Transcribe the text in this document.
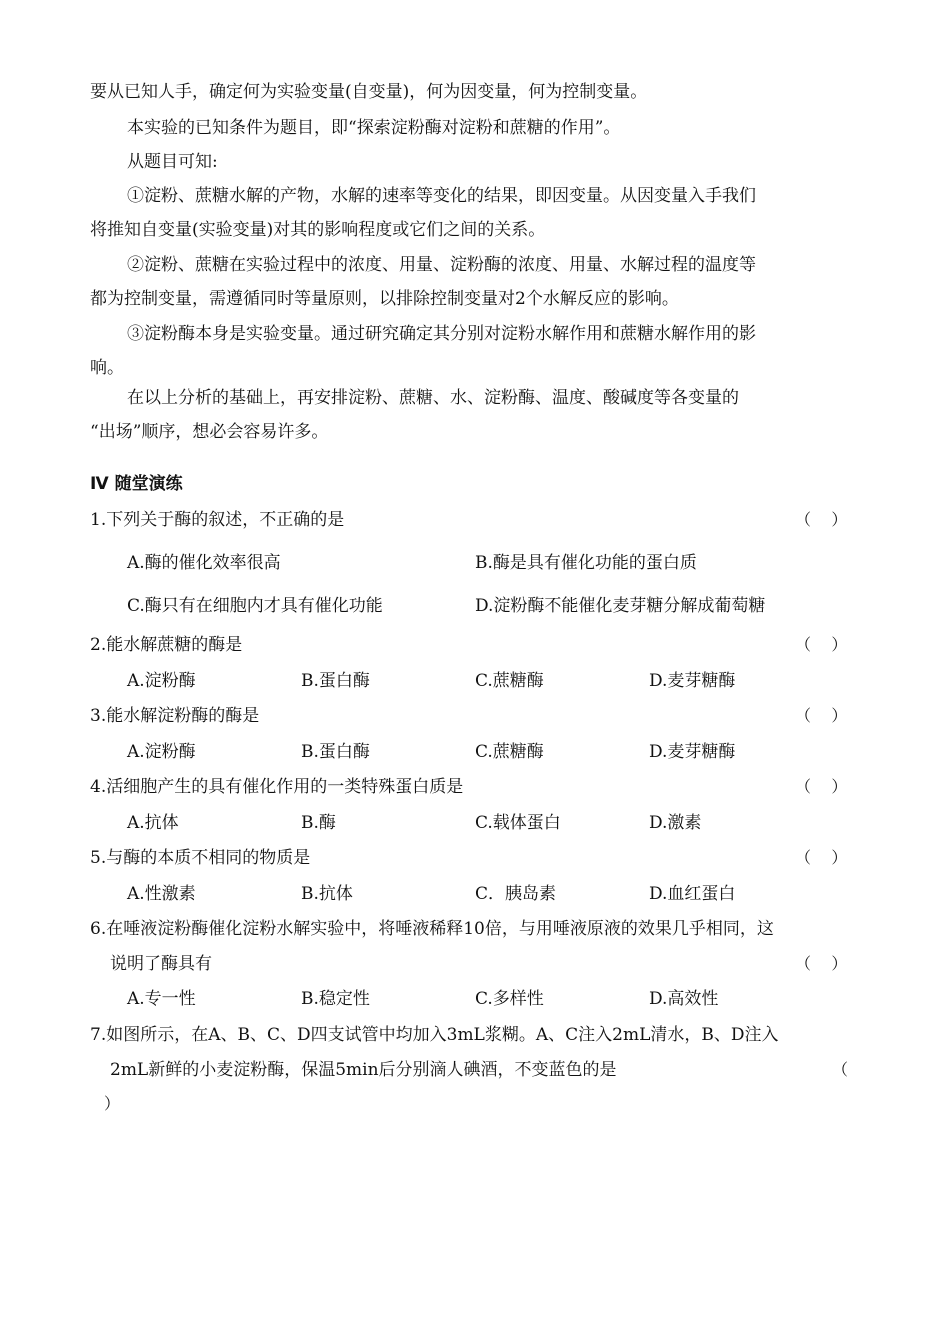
要从已知人手，确定何为实验变量(自变量)，何为因变量，何为控制变量。
本实验的已知条件为题目，即“探索淀粉酶对淀粉和蔗糖的作用”。
从题目可知:
①淀粉、蔗糖水解的产物，水解的速率等变化的结果，即因变量。从因变量入手我们
将推知自变量(实验变量)对其的影响程度或它们之间的关系。
②淀粉、蔗糖在实验过程中的浓度、用量、淀粉酶的浓度、用量、水解过程的温度等
都为控制变量，需遵循同时等量原则，以排除控制变量对2个水解反应的影响。
③淀粉酶本身是实验变量。通过研究确定其分别对淀粉水解作用和蔗糖水解作用的影
响。
在以上分析的基础上，再安排淀粉、蔗糖、水、淀粉酶、温度、酸碱度等各变量的
“出场”顺序，想必会容易许多。
Ⅳ 随堂演练
1.下列关于酶的叙述，不正确的是	（    ）
A.酶的催化效率很高	B.酶是具有催化功能的蛋白质
C.酶只有在细胞内才具有催化功能	D.淀粉酶不能催化麦芽糖分解成葡萄糖
2.能水解蔗糖的酶是	（    ）
A.淀粉酶	B.蛋白酶	C.蔗糖酶	D.麦芽糖酶
3.能水解淀粉酶的酶是	（    ）
A.淀粉酶	B.蛋白酶	C.蔗糖酶	D.麦芽糖酶
4.活细胞产生的具有催化作用的一类特殊蛋白质是	（    ）
A.抗体	B.酶	C.载体蛋白	D.激素
5.与酶的本质不相同的物质是	（    ）
A.性激素	B.抗体	C．胰岛素	D.血红蛋白
6.在唾液淀粉酶催化淀粉水解实验中，将唾液稀释10倍，与用唾液原液的效果几乎相同，这
说明了酶具有	（    ）
A.专一性	B.稳定性	C.多样性	D.高效性
7.如图所示，在A、B、C、D四支试管中均加入3mL浆糊。A、C注入2mL清水，B、D注入
2mL新鲜的小麦淀粉酶，保温5min后分别滴人碘酒，不变蓝色的是	（
）
